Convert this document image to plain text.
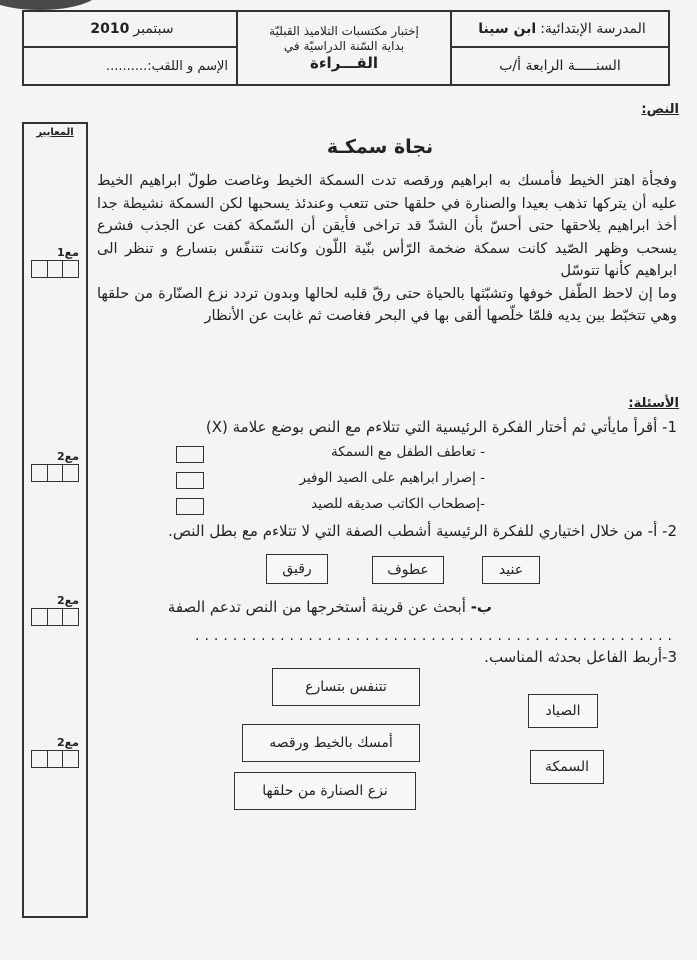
المدرسة الإبتدائية:
ابن سينا
السنـــــة الرابعة أ/ب
إختبار مكتسبات التلاميذ القبليّة
بداية السّنة الدراسيّة في
القـــراءة
سبتمبر
2010
الإسم و اللقب:..........
المعايير
مع1
مع2
مع2
مع2
النص:
نجاة سمكـة
وفجأة اهتز الخيط فأمسك به ابراهيم ورقصه تدت السمكة الخيط وغاصت طولّ ابراهيم الخيط عليه أن يتركها تذهب بعيدا والصنارة في حلقها حتى تتعب وعندئذ يسحبها لكن السمكة نشيطة جدا أخذ ابراهيم يلاحقها حتى أحسّ بأن الشدّ قد تراخى فأيقن أن السّمكة كفت عن الجذب فشرع يسحب وظهر الصّيد كانت سمكة ضخمة الرّأس بنّية اللّون وكانت تتنفّس بتسارع و تنظر الى ابراهيم كأنها تتوسّل
وما إن لاحظ الطّفل خوفها وتشبّثها بالحياة حتى رقّ قلبه لحالها وبدون تردد نزع الصنّارة من حلقها وهي تتخبّط بين يديه فلمّا خلّصها ألقى بها في البحر فغاصت ثم غابت عن الأنظار
الأسئلة:
1- أقرأ مايأتي ثم أختار الفكرة الرئيسية التي تتلاءم مع النص بوضع علامة (X)
- تعاطف الطفل مع السمكة
- إصرار ابراهيم على الصيد الوفير
-إصطحاب الكاتب صديقه للصيد
2- أ- من خلال اختياري للفكرة الرئيسية أشطب الصفة التي لا تتلاءم مع بطل النص.
عنيد
عطوف
رقيق
ب- أبحث عن قرينة أستخرجها من النص تدعم الصفة
...................................................
3-أربط الفاعل بحدثه المناسب.
تتنفس بتسارع
أمسك بالخيط ورقصه
نزع الصنارة من حلقها
الصياد
السمكة
